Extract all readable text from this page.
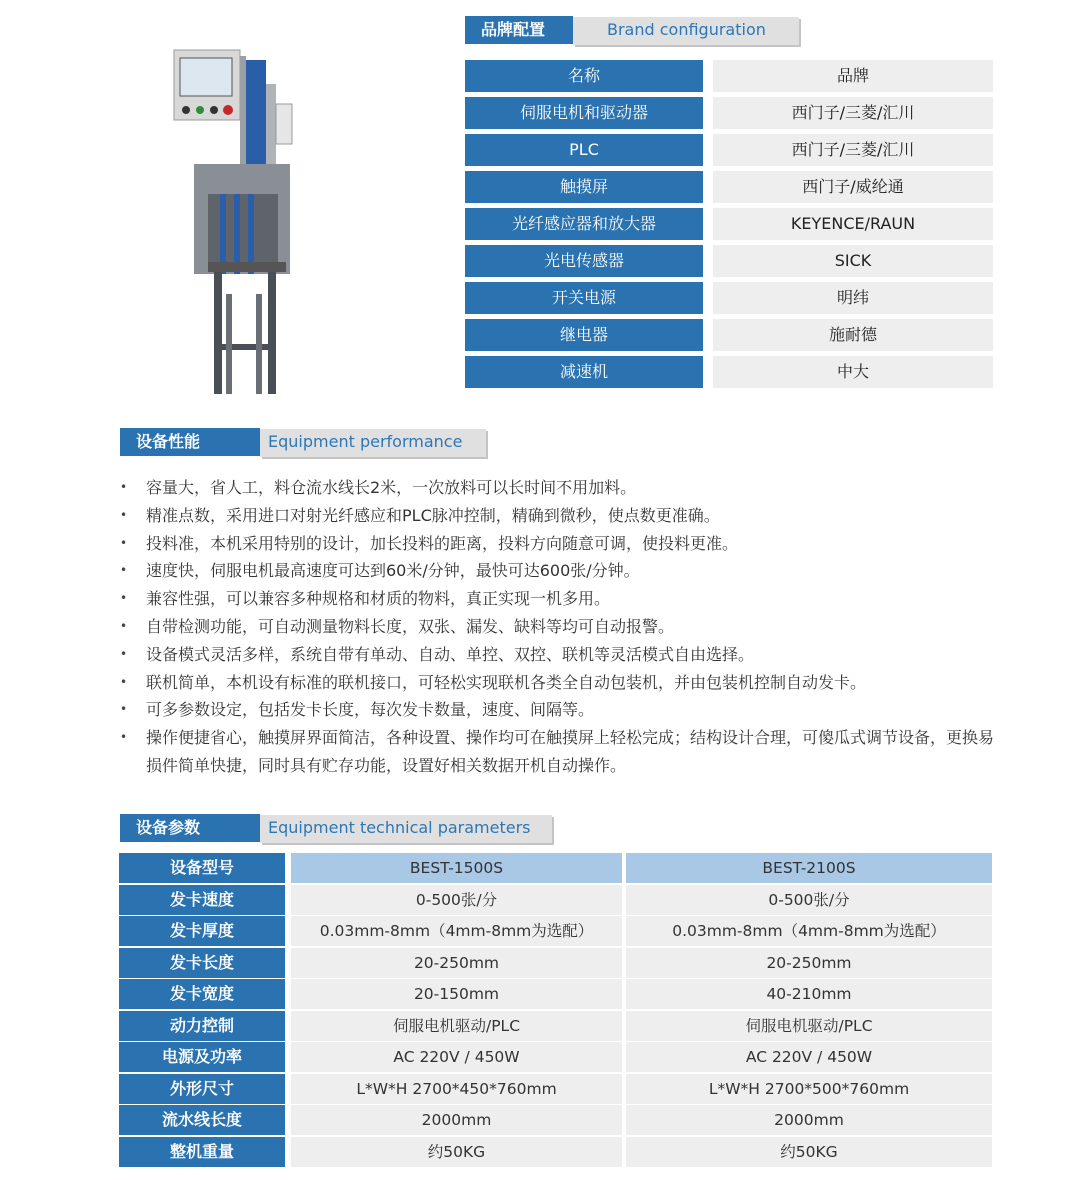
品牌配置	Brand configuration
名称	品牌
伺服电机和驱动器	西门子/三菱/汇川
PLC	西门子/三菱/汇川
触摸屏	西门子/威纶通
光纤感应器和放大器	KEYENCE/RAUN
光电传感器	SICK
开关电源	明纬
继电器	施耐德
减速机	中大
设备性能	Equipment performance
• 容量大，省人工，料仓流水线长2米，一次放料可以长时间不用加料。
• 精准点数，采用进口对射光纤感应和PLC脉冲控制，精确到微秒，使点数更准确。
• 投料准，本机采用特别的设计，加长投料的距离，投料方向随意可调，使投料更准。
• 速度快，伺服电机最高速度可达到60米/分钟，最快可达600张/分钟。
• 兼容性强，可以兼容多种规格和材质的物料，真正实现一机多用。
• 自带检测功能，可自动测量物料长度，双张、漏发、缺料等均可自动报警。
• 设备模式灵活多样，系统自带有单动、自动、单控、双控、联机等灵活模式自由选择。
• 联机简单，本机设有标准的联机接口，可轻松实现联机各类全自动包装机，并由包装机控制自动发卡。
• 可多参数设定，包括发卡长度，每次发卡数量，速度、间隔等。
• 操作便捷省心，触摸屏界面简洁，各种设置、操作均可在触摸屏上轻松完成；结构设计合理，可傻瓜式调节设备，更换易损件简单快捷，同时具有贮存功能，设置好相关数据开机自动操作。
设备参数	Equipment technical parameters
设备型号	BEST-1500S	BEST-2100S
发卡速度	0-500张/分	0-500张/分
发卡厚度	0.03mm-8mm（4mm-8mm为选配）	0.03mm-8mm（4mm-8mm为选配）
发卡长度	20-250mm	20-250mm
发卡宽度	20-150mm	40-210mm
动力控制	伺服电机驱动/PLC	伺服电机驱动/PLC
电源及功率	AC 220V / 450W	AC 220V / 450W
外形尺寸	L*W*H 2700*450*760mm	L*W*H 2700*500*760mm
流水线长度	2000mm	2000mm
整机重量	约50KG	约50KG
